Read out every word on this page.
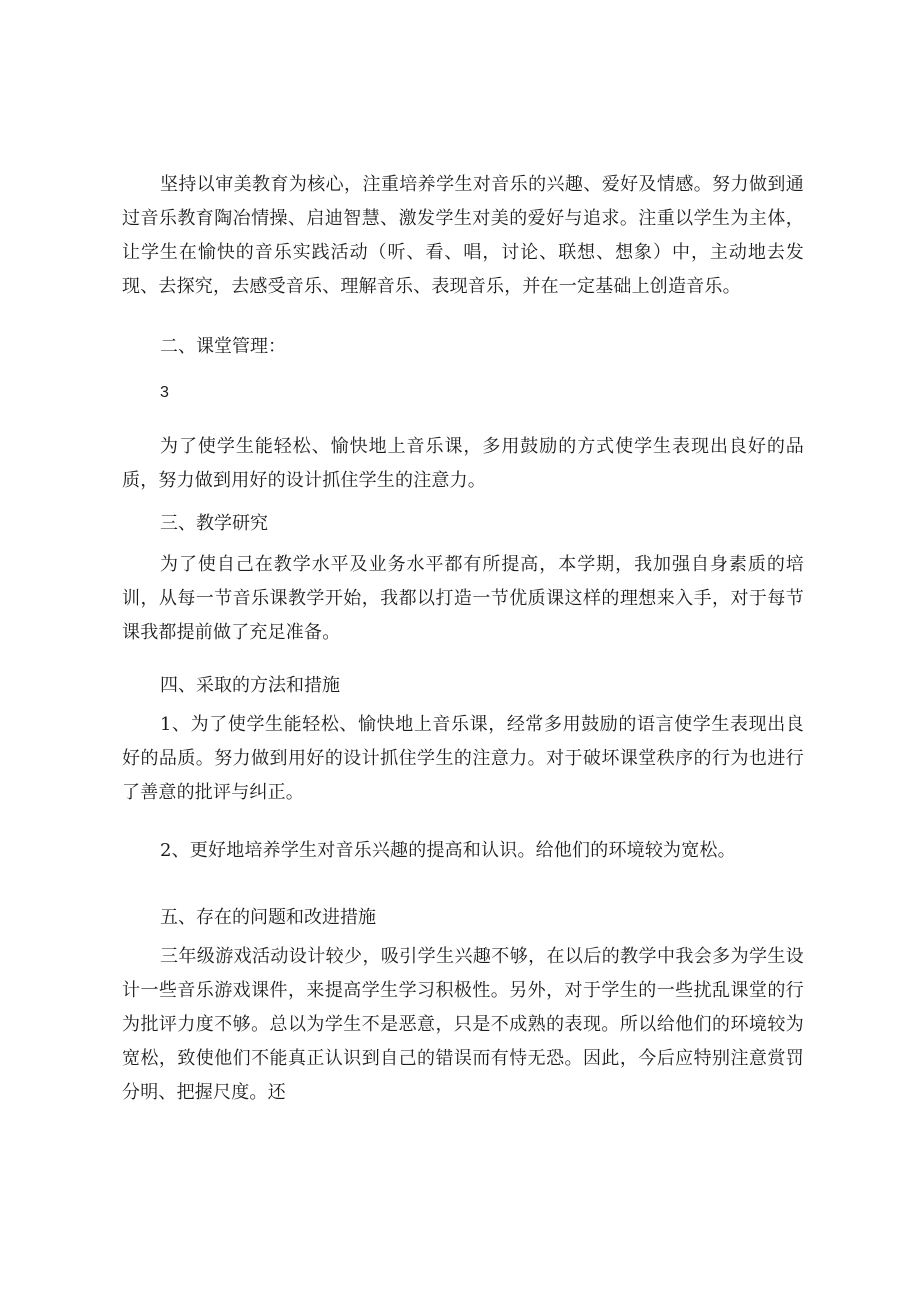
坚持以审美教育为核心，注重培养学生对音乐的兴趣、爱好及情感。努力做到通过音乐教育陶冶情操、启迪智慧、激发学生对美的爱好与追求。注重以学生为主体，让学生在愉快的音乐实践活动（听、看、唱，讨论、联想、想象）中，主动地去发现、去探究，去感受音乐、理解音乐、表现音乐，并在一定基础上创造音乐。

二、课堂管理：

3

为了使学生能轻松、愉快地上音乐课，多用鼓励的方式使学生表现出良好的品质，努力做到用好的设计抓住学生的注意力。

三、教学研究

为了使自己在教学水平及业务水平都有所提高，本学期，我加强自身素质的培训，从每一节音乐课教学开始，我都以打造一节优质课这样的理想来入手，对于每节课我都提前做了充足准备。

四、采取的方法和措施

1、为了使学生能轻松、愉快地上音乐课，经常多用鼓励的语言使学生表现出良好的品质。努力做到用好的设计抓住学生的注意力。对于破坏课堂秩序的行为也进行了善意的批评与纠正。

2、更好地培养学生对音乐兴趣的提高和认识。给他们的环境较为宽松。

五、存在的问题和改进措施

三年级游戏活动设计较少，吸引学生兴趣不够，在以后的教学中我会多为学生设计一些音乐游戏课件，来提高学生学习积极性。另外，对于学生的一些扰乱课堂的行为批评力度不够。总以为学生不是恶意，只是不成熟的表现。所以给他们的环境较为宽松，致使他们不能真正认识到自己的错误而有恃无恐。因此，今后应特别注意赏罚分明、把握尺度。还
